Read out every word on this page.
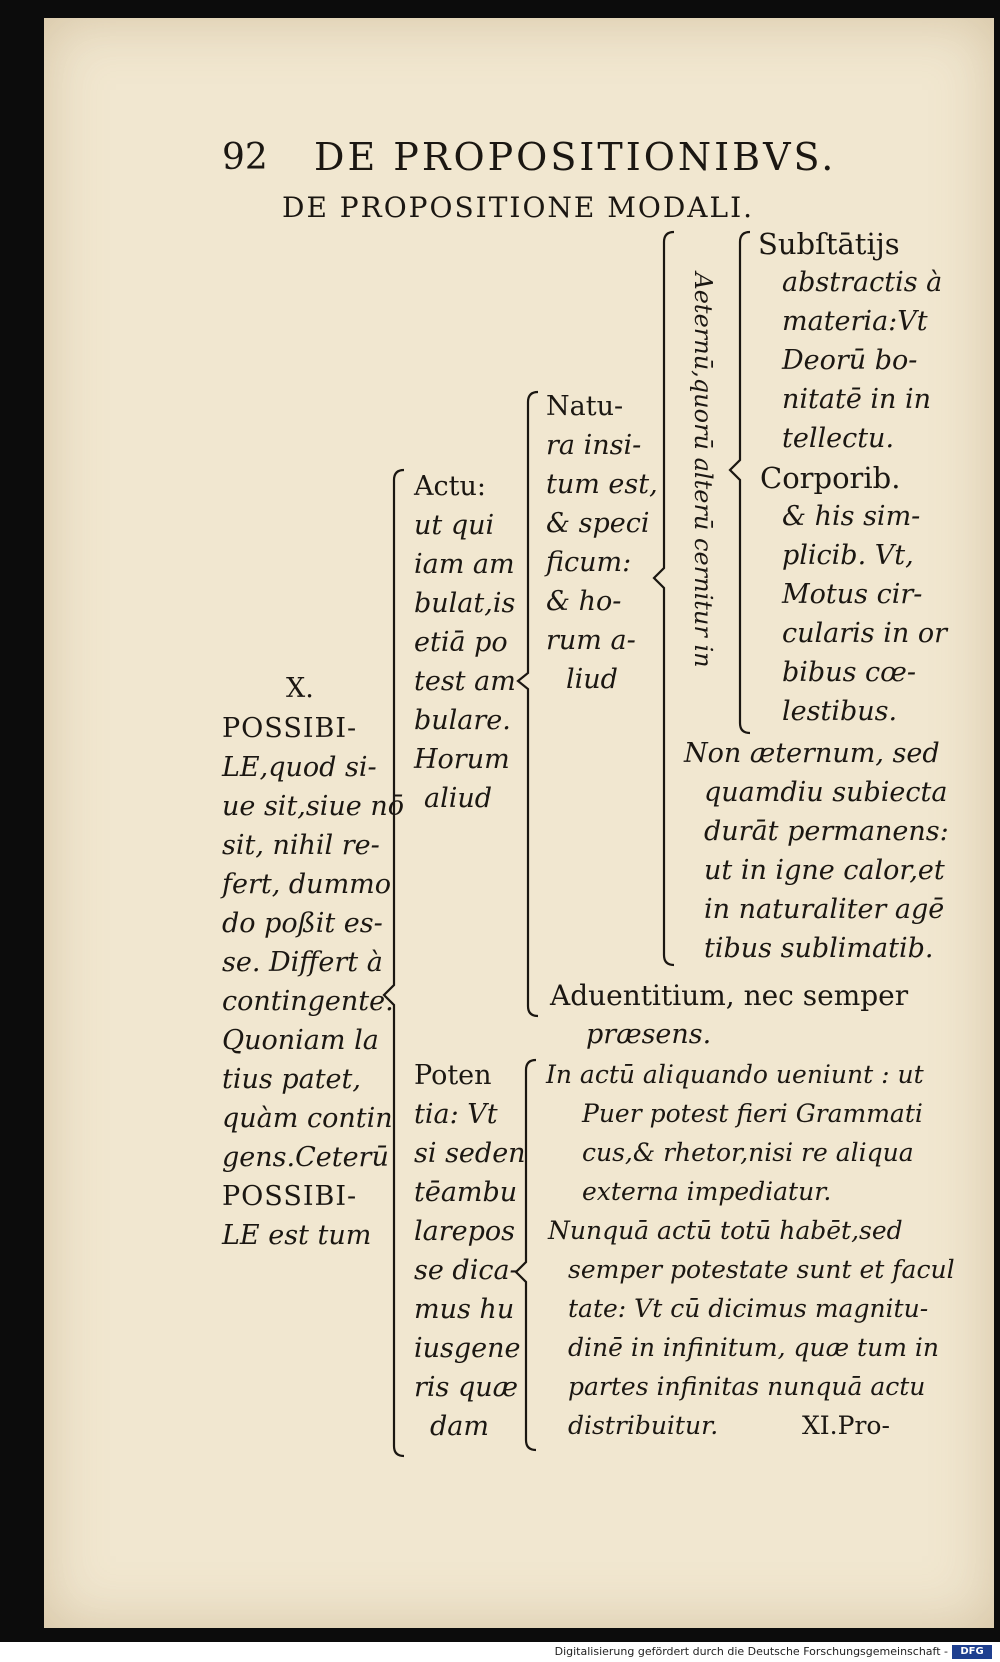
92 DE PROPOSITIONIBVS.
DE PROPOSITIONE MODALI.
X.
POSSIBI-
LE,quod si-
ue sit,siue nō
sit, nihil re-
fert, dummo
do poßit es-
se. Differt à
contingente.
Quoniam la
tius patet,
quàm contin
gens.Ceterū
POSSIBI-
LE est tum
Actu:
ut qui
iam am
bulat,is
etiā po
test am
bulare.
Horum
aliud
Poten
tia: Vt
si seden
tēambu
larepos
se dica-
mus hu
iusgene
ris quæ
dam
Natu-
ra insi-
tum est,
& speci
ficum:
& ho-
rum a-
liud
Aeternū,quorū alterū cernitur in
Subſtātijs
abstractis à
materia:Vt
Deorū bo-
nitatē in in
tellectu.
Corporib.
& his sim-
plicib. Vt,
Motus cir-
cularis in or
bibus cœ-
lestibus.
Non æternum, sed
quamdiu subiecta
durāt permanens:
ut in igne calor,et
in naturaliter agē
tibus sublimatib.
Aduentitium, nec semper
præsens.
In actū aliquando ueniunt : ut
Puer potest fieri Grammati
cus,& rhetor,nisi re aliqua
externa impediatur.
Nunquā actū totū habēt,sed
semper potestate sunt et facul
tate: Vt cū dicimus magnitu-
dinē in infinitum, quæ tum in
partes infinitas nunquā actu
distribuitur.	XI.Pro-
Digitalisierung gefördert durch die Deutsche Forschungsgemeinschaft -	DFG
